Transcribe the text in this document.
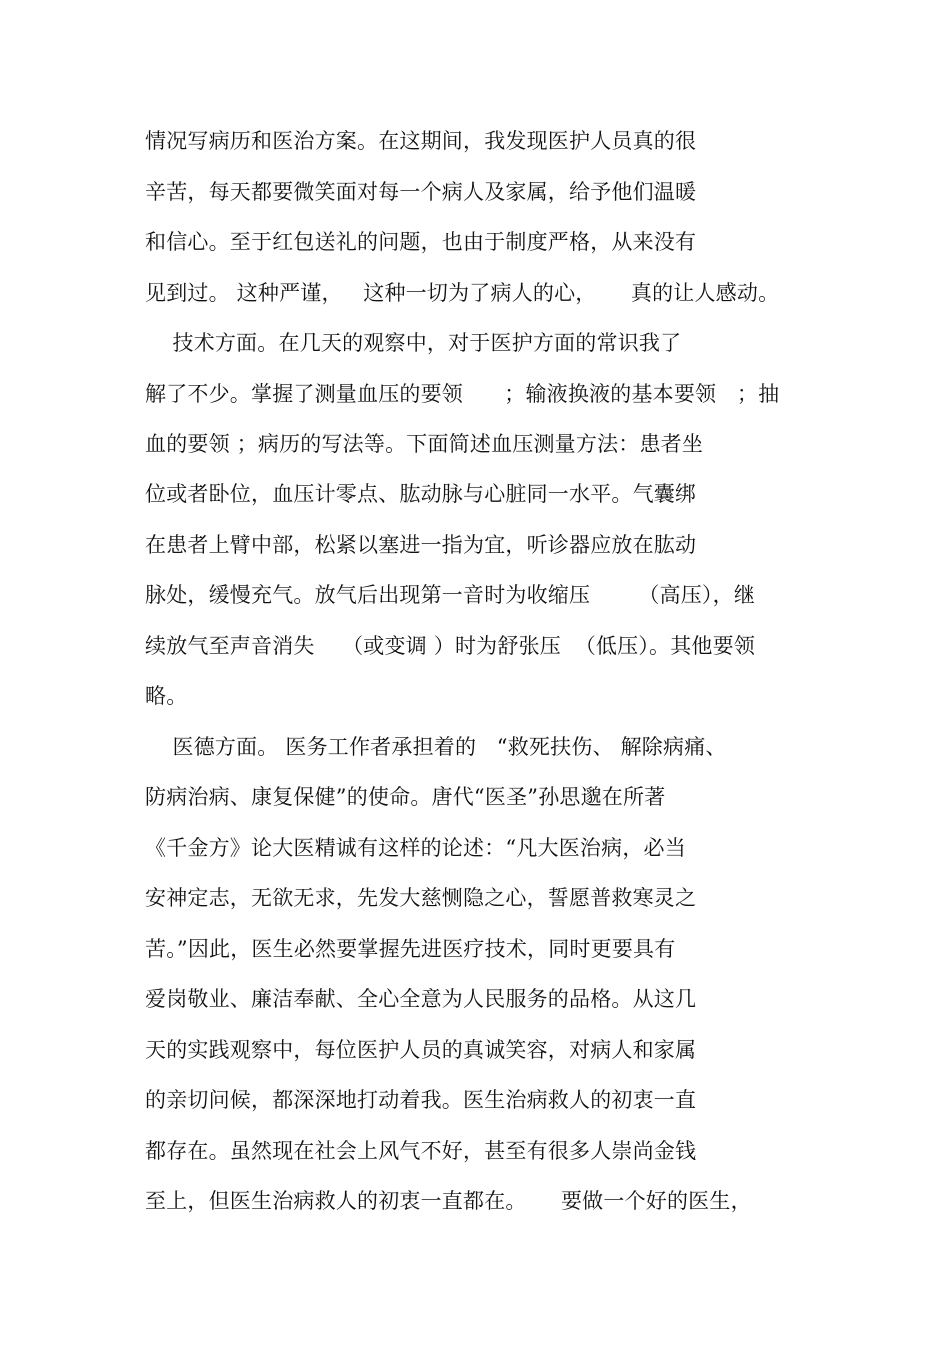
情况写病历和医治方案。在这期间，我发现医护人员真的很
辛苦，每天都要微笑面对每一个病人及家属，给予他们温暖
和信心。至于红包送礼的问题，也由于制度严格，从来没有
见到过。 这种严谨，   这种一切为了病人的心，     真的让人感动。
技术方面。在几天的观察中，对于医护方面的常识我了
解了不少。掌握了测量血压的要领      ；输液换液的基本要领   ；抽
血的要领 ；病历的写法等。下面简述血压测量方法：患者坐
位或者卧位，血压计零点、肱动脉与心脏同一水平。气囊绑
在患者上臂中部，松紧以塞进一指为宜，听诊器应放在肱动
脉处，缓慢充气。放气后出现第一音时为收缩压       （高压），继
续放气至声音消失    （或变调 ）时为舒张压  （低压）。其他要领
略。
医德方面。 医务工作者承担着的   “救死扶伤、 解除病痛、
防病治病、康复保健”的使命。唐代“医圣”孙思邈在所著
《千金方》论大医精诚有这样的论述：“凡大医治病，必当
安神定志，无欲无求，先发大慈恻隐之心，誓愿普救寒灵之
苦。”因此，医生必然要掌握先进医疗技术，同时更要具有
爱岗敬业、廉洁奉献、全心全意为人民服务的品格。从这几
天的实践观察中，每位医护人员的真诚笑容，对病人和家属
的亲切问候，都深深地打动着我。医生治病救人的初衷一直
都存在。虽然现在社会上风气不好，甚至有很多人崇尚金钱
至上，但医生治病救人的初衷一直都在。     要做一个好的医生，
